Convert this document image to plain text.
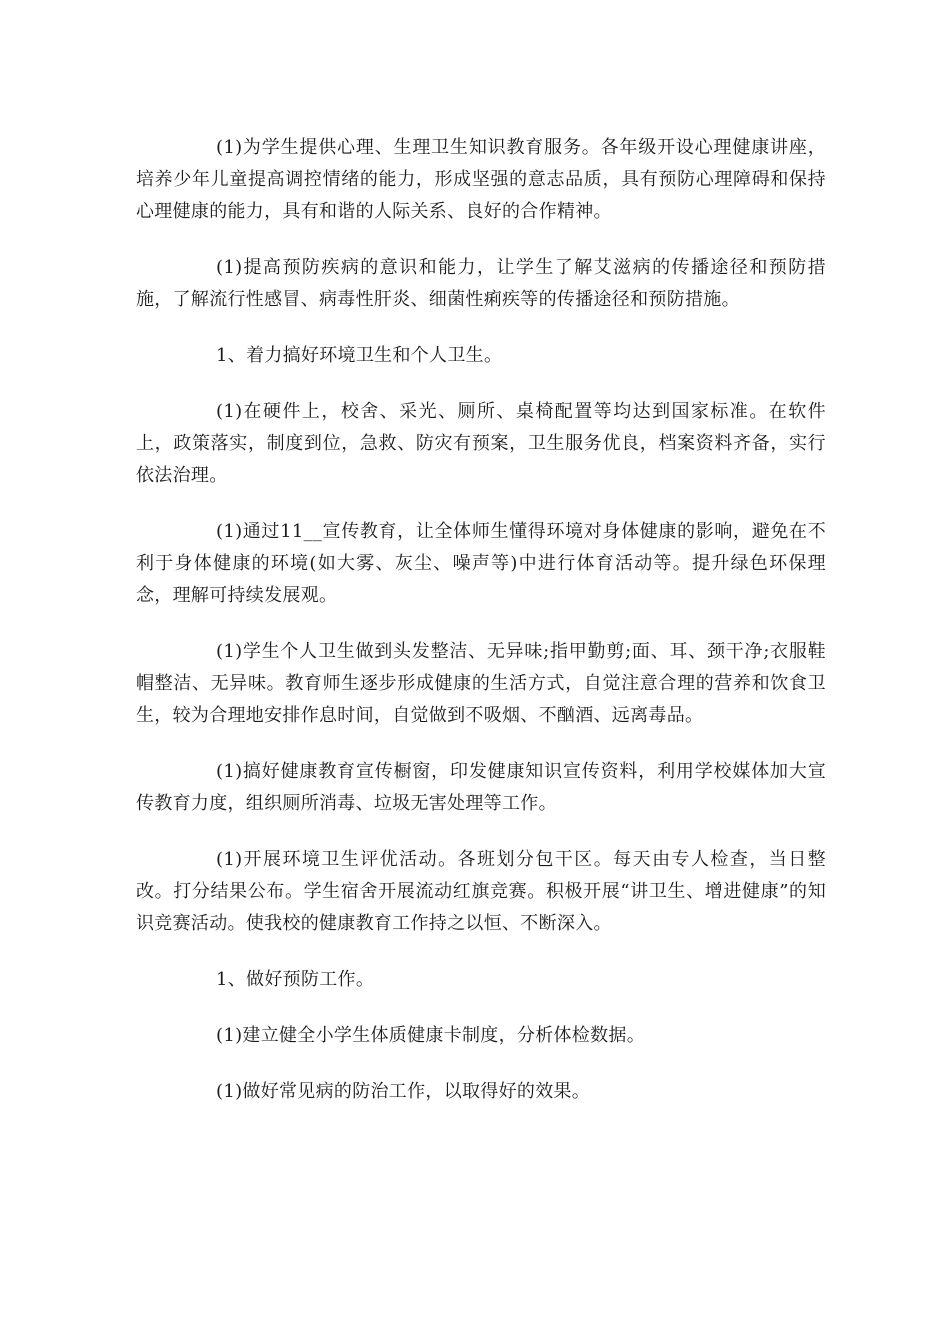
(1)为学生提供心理、生理卫生知识教育服务。各年级开设心理健康讲座，培养少年儿童提高调控情绪的能力，形成坚强的意志品质，具有预防心理障碍和保持心理健康的能力，具有和谐的人际关系、良好的合作精神。

(1)提高预防疾病的意识和能力，让学生了解艾滋病的传播途径和预防措施，了解流行性感冒、病毒性肝炎、细菌性痢疾等的传播途径和预防措施。

1、着力搞好环境卫生和个人卫生。

(1)在硬件上，校舍、采光、厕所、桌椅配置等均达到国家标准。在软件上，政策落实，制度到位，急救、防灾有预案，卫生服务优良，档案资料齐备，实行依法治理。

(1)通过11__宣传教育，让全体师生懂得环境对身体健康的影响，避免在不利于身体健康的环境(如大雾、灰尘、噪声等)中进行体育活动等。提升绿色环保理念，理解可持续发展观。

(1)学生个人卫生做到头发整洁、无异味;指甲勤剪;面、耳、颈干净;衣服鞋帽整洁、无异味。教育师生逐步形成健康的生活方式，自觉注意合理的营养和饮食卫生，较为合理地安排作息时间，自觉做到不吸烟、不酗酒、远离毒品。

(1)搞好健康教育宣传橱窗，印发健康知识宣传资料，利用学校媒体加大宣传教育力度，组织厕所消毒、垃圾无害处理等工作。

(1)开展环境卫生评优活动。各班划分包干区。每天由专人检查，当日整改。打分结果公布。学生宿舍开展流动红旗竞赛。积极开展“讲卫生、增进健康”的知识竞赛活动。使我校的健康教育工作持之以恒、不断深入。

1、做好预防工作。

(1)建立健全小学生体质健康卡制度，分析体检数据。

(1)做好常见病的防治工作，以取得好的效果。
